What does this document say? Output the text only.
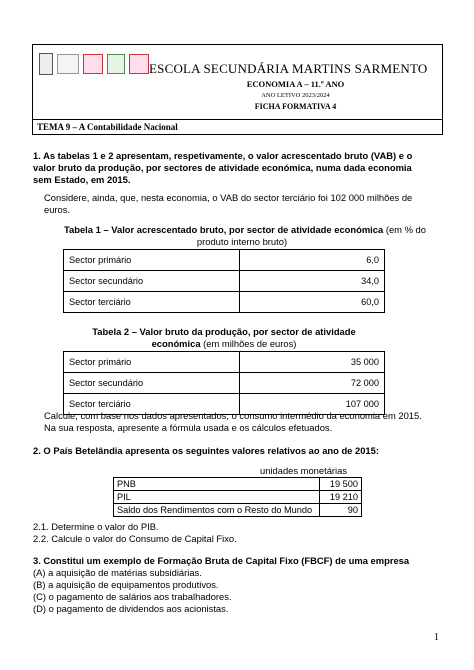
ESCOLA SECUNDÁRIA MARTINS SARMENTO
ECONOMIA A – 11.º ANO
ANO LETIVO 2023/2024
FICHA FORMATIVA 4
TEMA 9 – A Contabilidade Nacional
1. As tabelas 1 e 2 apresentam, respetivamente, o valor acrescentado bruto (VAB) e o
valor bruto da produção, por sectores de atividade económica, numa dada economia
sem Estado, em 2015.
Considere, ainda, que, nesta economia, o VAB do sector terciário foi 102 000 milhões de
euros.
Tabela 1 – Valor acrescentado bruto, por sector de atividade económica (em % do
produto interno bruto)
Sector primário	6,0
Sector secundário	34,0
Sector terciário	60,0
Tabela 2 – Valor bruto da produção, por sector de atividade
económica (em milhões de euros)
Sector primário	35 000
Sector secundário	72 000
Sector terciário	107 000
Calcule, com base nos dados apresentados, o consumo intermédio da economia em 2015.
Na sua resposta, apresente a fórmula usada e os cálculos efetuados.
2. O País Betelândia apresenta os seguintes valores relativos ao ano de 2015:
unidades monetárias
PNB	19 500
PIL	19 210
Saldo dos Rendimentos com o Resto do Mundo	90
2.1. Determine o valor do PIB.
2.2. Calcule o valor do Consumo de Capital Fixo.
3. Constitui um exemplo de Formação Bruta de Capital Fixo (FBCF) de uma empresa
(A) a aquisição de matérias subsidiárias.
(B) a aquisição de equipamentos produtivos.
(C) o pagamento de salários aos trabalhadores.
(D) o pagamento de dividendos aos acionistas.
1
